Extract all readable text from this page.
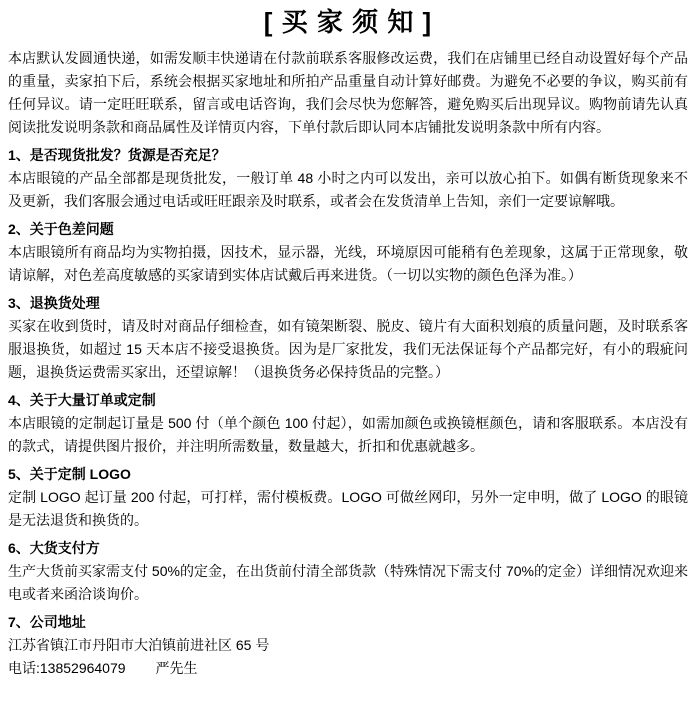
[ 买 家 须 知 ]

本店默认发圆通快递，如需发顺丰快递请在付款前联系客服修改运费，我们在店铺里已经自动设置好每个产品的重量，卖家拍下后，系统会根据买家地址和所拍产品重量自动计算好邮费。为避免不必要的争议，购买前有任何异议。请一定旺旺联系，留言或电话咨询，我们会尽快为您解答，避免购买后出现异议。购物前请先认真阅读批发说明条款和商品属性及详情页内容，下单付款后即认同本店铺批发说明条款中所有内容。

1、是否现货批发？货源是否充足？

本店眼镜的产品全部都是现货批发，一般订单 48 小时之内可以发出，亲可以放心拍下。如偶有断货现象来不及更新，我们客服会通过电话或旺旺跟亲及时联系，或者会在发货清单上告知，亲们一定要谅解哦。

2、关于色差问题

本店眼镜所有商品均为实物拍摄，因技术，显示器，光线，环境原因可能稍有色差现象，这属于正常现象，敬请谅解，对色差高度敏感的买家请到实体店试戴后再来进货。（一切以实物的颜色色泽为准。）

3、退换货处理

买家在收到货时，请及时对商品仔细检查，如有镜架断裂、脱皮、镜片有大面积划痕的质量问题，及时联系客服退换货，如超过 15 天本店不接受退换货。因为是厂家批发，我们无法保证每个产品都完好，有小的瑕疵问题，退换货运费需买家出，还望谅解！（退换货务必保持货品的完整。）

4、关于大量订单或定制

本店眼镜的定制起订量是 500 付（单个颜色 100 付起），如需加颜色或换镜框颜色，请和客服联系。本店没有的款式，请提供图片报价，并注明所需数量，数量越大，折扣和优惠就越多。

5、关于定制 LOGO

定制 LOGO 起订量 200 付起，可打样，需付模板费。LOGO 可做丝网印，另外一定申明，做了 LOGO 的眼镜是无法退货和换货的。

6、大货支付方

生产大货前买家需支付 50%的定金，在出货前付清全部货款（特殊情况下需支付 70%的定金）详细情况欢迎来电或者来函洽谈询价。

7、公司地址

江苏省镇江市丹阳市大泊镇前进社区 65 号

电话:13852964079 严先生
